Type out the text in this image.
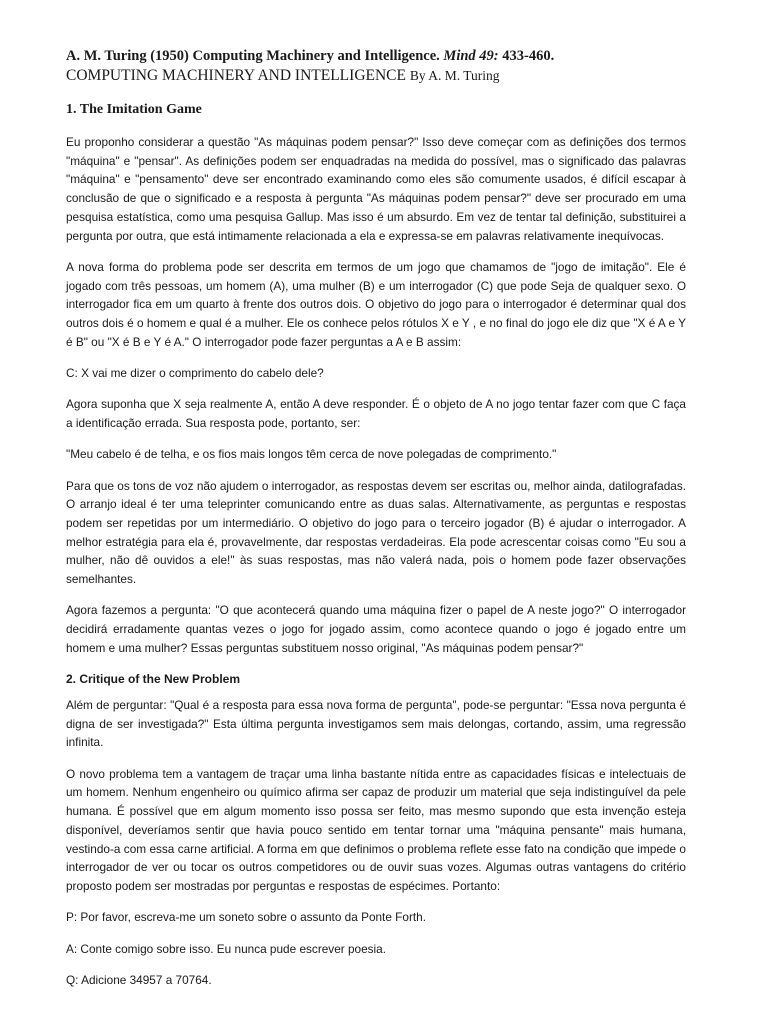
A. M. Turing (1950) Computing Machinery and Intelligence. Mind 49: 433-460.

COMPUTING MACHINERY AND INTELLIGENCE By A. M. Turing

1. The Imitation Game

Eu proponho considerar a questão "As máquinas podem pensar?" Isso deve começar com as definições dos termos "máquina" e "pensar". As definições podem ser enquadradas na medida do possível, mas o significado das palavras "máquina" e "pensamento" deve ser encontrado examinando como eles são comumente usados, é difícil escapar à conclusão de que o significado e a resposta à pergunta "As máquinas podem pensar?" deve ser procurado em uma pesquisa estatística, como uma pesquisa Gallup. Mas isso é um absurdo. Em vez de tentar tal definição, substituirei a pergunta por outra, que está intimamente relacionada a ela e expressa-se em palavras relativamente inequívocas.

A nova forma do problema pode ser descrita em termos de um jogo que chamamos de "jogo de imitação". Ele é jogado com três pessoas, um homem (A), uma mulher (B) e um interrogador (C) que pode Seja de qualquer sexo. O interrogador fica em um quarto à frente dos outros dois. O objetivo do jogo para o interrogador é determinar qual dos outros dois é o homem e qual é a mulher. Ele os conhece pelos rótulos X e Y , e no final do jogo ele diz que "X é A e Y é B" ou "X é B e Y é A." O interrogador pode fazer perguntas a A e B assim:

C: X vai me dizer o comprimento do cabelo dele?

Agora suponha que X seja realmente A, então A deve responder. É o objeto de A no jogo tentar fazer com que C faça a identificação errada. Sua resposta pode, portanto, ser:

"Meu cabelo é de telha, e os fios mais longos têm cerca de nove polegadas de comprimento."

Para que os tons de voz não ajudem o interrogador, as respostas devem ser escritas ou, melhor ainda, datilografadas. O arranjo ideal é ter uma teleprinter comunicando entre as duas salas. Alternativamente, as perguntas e respostas podem ser repetidas por um intermediário. O objetivo do jogo para o terceiro jogador (B) é ajudar o interrogador. A melhor estratégia para ela é, provavelmente, dar respostas verdadeiras. Ela pode acrescentar coisas como "Eu sou a mulher, não dê ouvidos a ele!" às suas respostas, mas não valerá nada, pois o homem pode fazer observações semelhantes.

Agora fazemos a pergunta: "O que acontecerá quando uma máquina fizer o papel de A neste jogo?" O interrogador decidirá erradamente quantas vezes o jogo for jogado assim, como acontece quando o jogo é jogado entre um homem e uma mulher? Essas perguntas substituem nosso original, "As máquinas podem pensar?"

2. Critique of the New Problem

Além de perguntar: "Qual é a resposta para essa nova forma de pergunta", pode-se perguntar: "Essa nova pergunta é digna de ser investigada?" Esta última pergunta investigamos sem mais delongas, cortando, assim, uma regressão infinita.

O novo problema tem a vantagem de traçar uma linha bastante nítida entre as capacidades físicas e intelectuais de um homem. Nenhum engenheiro ou químico afirma ser capaz de produzir um material que seja indistinguível da pele humana. É possível que em algum momento isso possa ser feito, mas mesmo supondo que esta invenção esteja disponível, deveríamos sentir que havia pouco sentido em tentar tornar uma "máquina pensante" mais humana, vestindo-a com essa carne artificial. A forma em que definimos o problema reflete esse fato na condição que impede o interrogador de ver ou tocar os outros competidores ou de ouvir suas vozes. Algumas outras vantagens do critério proposto podem ser mostradas por perguntas e respostas de espécimes. Portanto:

P: Por favor, escreva-me um soneto sobre o assunto da Ponte Forth.

A: Conte comigo sobre isso. Eu nunca pude escrever poesia.

Q: Adicione 34957 a 70764.
